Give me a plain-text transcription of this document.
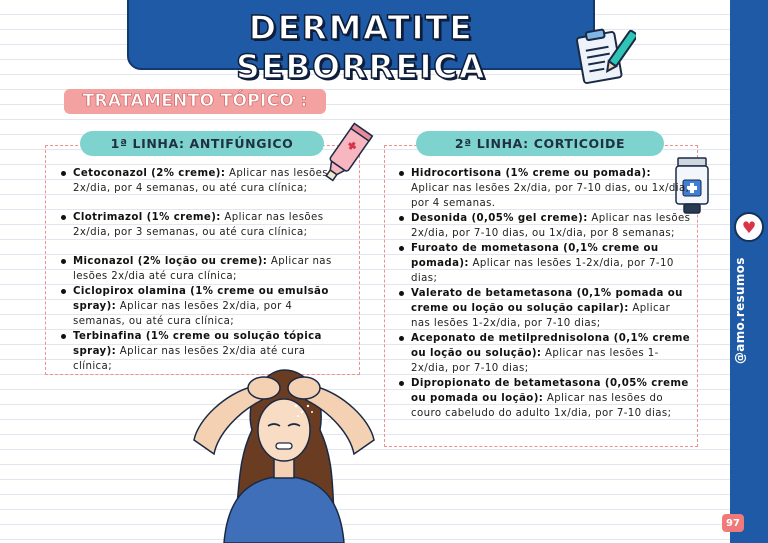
♥
@amo.resumos
97
DERMATITE SEBORREICA
TRATAMENTO TÓPICO :
1ª LINHA: ANTIFÚNGICO	2ª LINHA: CORTICOIDE
Cetoconazol (2% creme): Aplicar nas lesões 2x/dia, por 4 semanas, ou até cura clínica;
Clotrimazol (1% creme): Aplicar nas lesões 2x/dia, por 3 semanas, ou até cura clínica;
Miconazol (2% loção ou creme): Aplicar nas lesões 2x/dia até cura clínica;
Ciclopirox olamina (1% creme ou emulsão spray): Aplicar nas lesões 2x/dia, por 4 semanas, ou até cura clínica;
Terbinafina (1% creme ou solução tópica spray): Aplicar nas lesões 2x/dia até cura clínica;
Hidrocortisona (1% creme ou pomada): Aplicar nas lesões 2x/dia, por 7-10 dias, ou 1x/dia, por 4 semanas.
Desonida (0,05% gel creme): Aplicar nas lesões 2x/dia, por 7-10 dias, ou 1x/dia, por 8 semanas;
Furoato de mometasona (0,1% creme ou pomada): Aplicar nas lesões 1-2x/dia, por 7-10 dias;
Valerato de betametasona (0,1% pomada ou creme ou loção ou solução capilar): Aplicar nas lesões 1-2x/dia, por 7-10 dias;
Aceponato de metilprednisolona (0,1% creme ou loção ou solução): Aplicar nas lesões 1-2x/dia, por 7-10 dias;
Dipropionato de betametasona (0,05% creme ou pomada ou loção): Aplicar nas lesões do couro cabeludo do adulto 1x/dia, por 7-10 dias;
